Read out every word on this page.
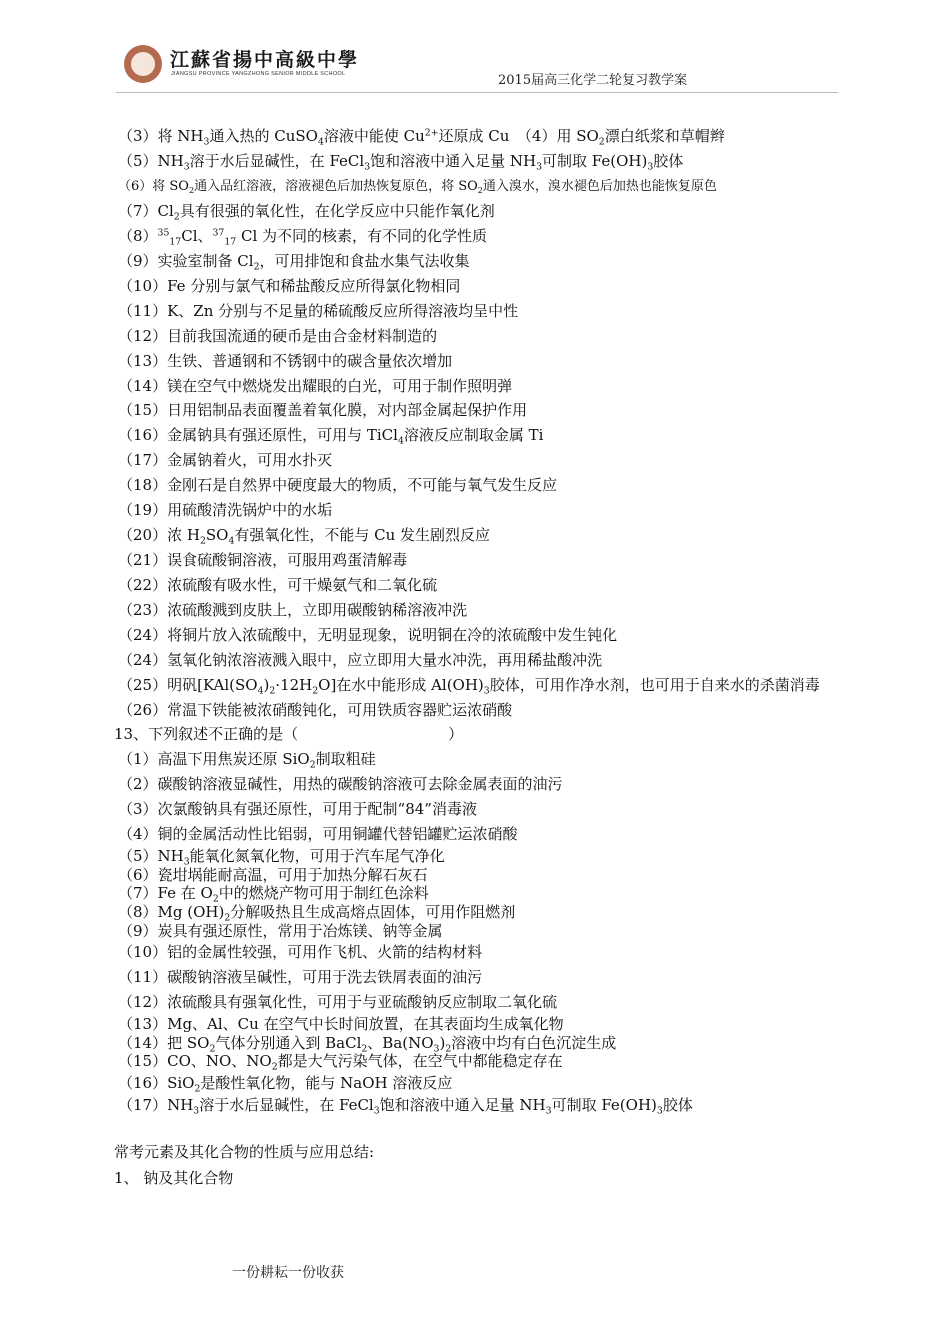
江蘇省揚中高級中學
JIANGSU PROVINCE YANGZHONG SENIOR MIDDLE SCHOOL	2015届高三化学二轮复习教学案
（3）将 $NH_3$通入热的 CuSO$_4$溶液中能使 $Cu^{2+}$还原成 Cu　（4）用 $SO_2$漂白纸浆和草帽辫
$(5)NH_3$溶于水后显碱性，在 FeCl$_3$饱和溶液中通入足量 $NH_3$可制取 $Fe(OH)_3$胶体
（6）将 $SO_2$通入品红溶液，溶液褪色后加热恢复原色，将 $SO_2$通入溴水，溴水褪色后加热也能恢复原色
$(7)Cl_2$具有很强的氧化性，在化学反应中只能作氧化剂
$(8)^{35}_{17}Cl$、$^{37}_{17}$ Cl 为不同的核素，有不同的化学性质
（9）实验室制备 $Cl_2$，可用排饱和食盐水集气法收集
（10）Fe 分别与氯气和稀盐酸反应所得氯化物相同
（11）K、Zn 分别与不足量的稀硫酸反应所得溶液均呈中性
（12）目前我国流通的硬币是由合金材料制造的
（13）生铁、普通钢和不锈钢中的碳含量依次增加
（14）镁在空气中燃烧发出耀眼的白光，可用于制作照明弹
（15）日用铝制品表面覆盖着氧化膜，对内部金属起保护作用
（16）金属钠具有强还原性，可用与 TiCl$_4$溶液反应制取金属 Ti
（17）金属钠着火，可用水扑灭
（18）金刚石是自然界中硬度最大的物质，不可能与氧气发生反应
（19）用硫酸清洗锅炉中的水垢
（20）浓 $H_2SO_4$有强氧化性，不能与 Cu 发生剧烈反应
（21）误食硫酸铜溶液，可服用鸡蛋清解毒
（22）浓硫酸有吸水性，可干燥氨气和二氧化硫
（23）浓硫酸溅到皮肤上，立即用碳酸钠稀溶液冲洗
（24）将铜片放入浓硫酸中，无明显现象，说明铜在冷的浓硫酸中发生钝化
（24）氢氧化钠浓溶液溅入眼中，应立即用大量水冲洗，再用稀盐酸冲洗
（25）明矾$[KAl(SO_4)_2\cdot 12H_2O]$在水中能形成 $Al(OH)_3$胶体，可用作净水剂，也可用于自来水的杀菌消毒
（26）常温下铁能被浓硝酸钝化，可用铁质容器贮运浓硝酸
13、下列叙述不正确的是（　　　　　　　　　　）
（1）高温下用焦炭还原 SiO$_2$制取粗硅
（2）碳酸钠溶液显碱性，用热的碳酸钠溶液可去除金属表面的油污
（3）次氯酸钠具有强还原性，可用于配制“84”消毒液
（4）铜的金属活动性比铝弱，可用铜罐代替铝罐贮运浓硝酸
$(5)NH_3$能氧化氮氧化物，可用于汽车尾气净化
（6）瓷坩埚能耐高温，可用于加热分解石灰石
（7）Fe 在 $O_2$中的燃烧产物可用于制红色涂料
（8）Mg $(OH)_2$分解吸热且生成高熔点固体，可用作阻燃剂
（9）炭具有强还原性，常用于冶炼镁、钠等金属
（10）铝的金属性较强，可用作飞机、火箭的结构材料
（11）碳酸钠溶液呈碱性，可用于洗去铁屑表面的油污
（12）浓硫酸具有强氧化性，可用于与亚硫酸钠反应制取二氧化硫
（13）Mg、Al、Cu 在空气中长时间放置，在其表面均生成氧化物
（14）把 $SO_2$气体分别通入到 BaCl$_2$、$Ba(NO_3)_2$溶液中均有白色沉淀生成
（15）CO、NO、$NO_2$都是大气污染气体，在空气中都能稳定存在
（16）SiO$_2$是酸性氧化物，能与 NaOH 溶液反应
$(17)NH_3$溶于水后显碱性，在 FeCl$_3$饱和溶液中通入足量 $NH_3$可制取 $Fe(OH)_3$胶体
常考元素及其化合物的性质与应用总结:
1、 钠及其化合物
一份耕耘一份收获
